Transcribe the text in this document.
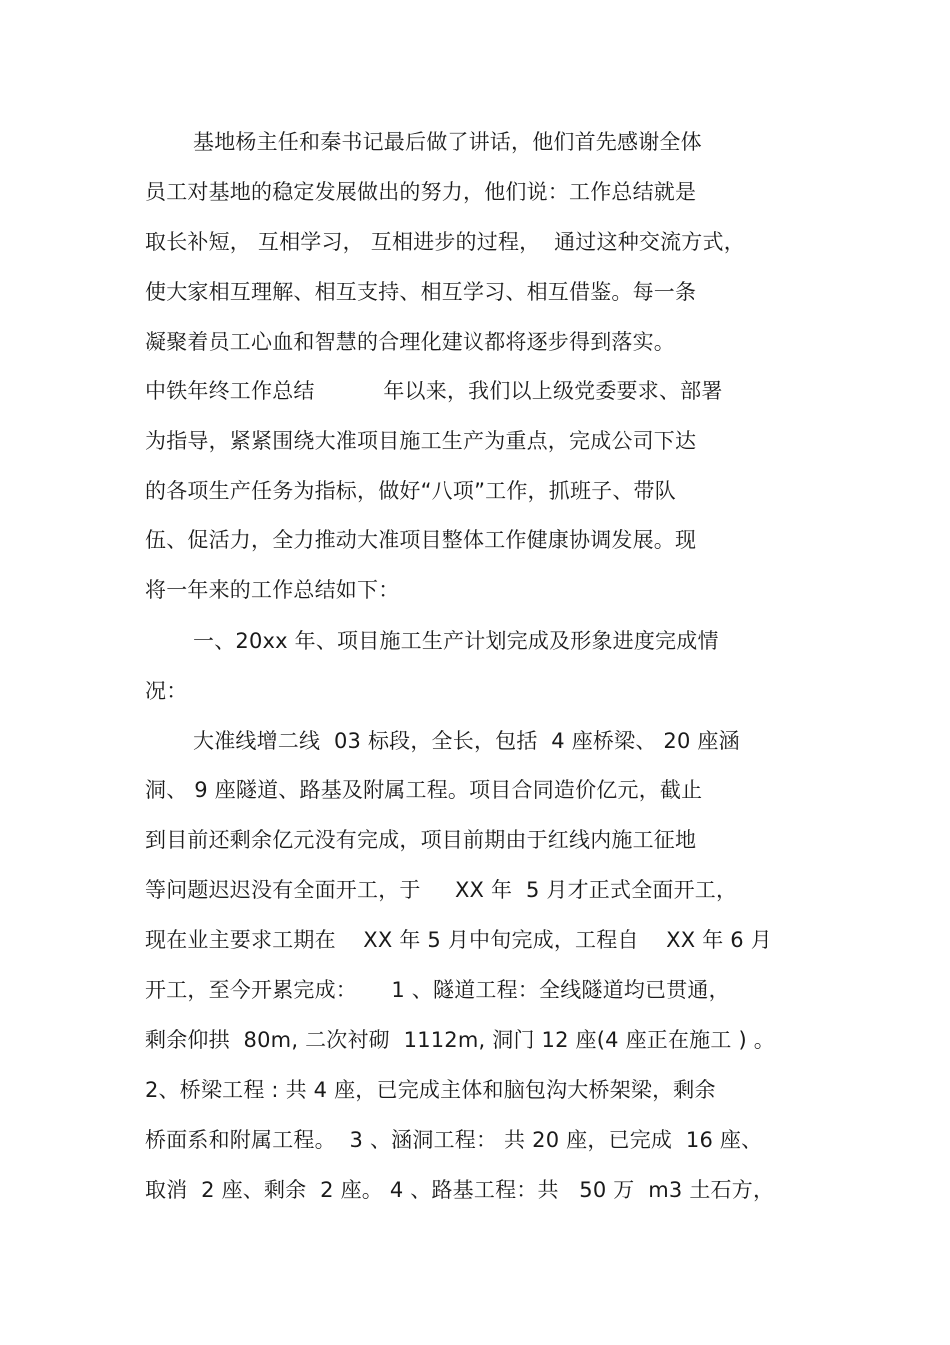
基地杨主任和秦书记最后做了讲话，他们首先感谢全体
员工对基地的稳定发展做出的努力，他们说：工作总结就是
取长补短， 互相学习， 互相进步的过程，  通过这种交流方式，
使大家相互理解、相互支持、相互学习、相互借鉴。每一条
凝聚着员工心血和智慧的合理化建议都将逐步得到落实。
中铁年终工作总结          年以来，我们以上级党委要求、部署
为指导，紧紧围绕大准项目施工生产为重点，完成公司下达
的各项生产任务为指标，做好“八项”工作，抓班子、带队
伍、促活力，全力推动大准项目整体工作健康协调发展。现
将一年来的工作总结如下：
一、20xx 年、项目施工生产计划完成及形象进度完成情
况：
大准线增二线  03 标段，全长，包括  4 座桥梁、 20 座涵
洞、 9 座隧道、路基及附属工程。项目合同造价亿元，截止
到目前还剩余亿元没有完成，项目前期由于红线内施工征地
等问题迟迟没有全面开工，于     XX 年  5 月才正式全面开工，
现在业主要求工期在    XX 年 5 月中旬完成，工程自    XX 年 6 月
开工，至今开累完成：     1 、隧道工程：全线隧道均已贯通，
剩余仰拱  80m, 二次衬砌  1112m, 洞门 12 座(4 座正在施工 ) 。
2、桥梁工程 : 共 4 座，已完成主体和脑包沟大桥架梁，剩余
桥面系和附属工程。  3 、涵洞工程： 共 20 座，已完成  16 座、
取消  2 座、剩余  2 座。 4 、路基工程：共   50 万  m3 土石方，
